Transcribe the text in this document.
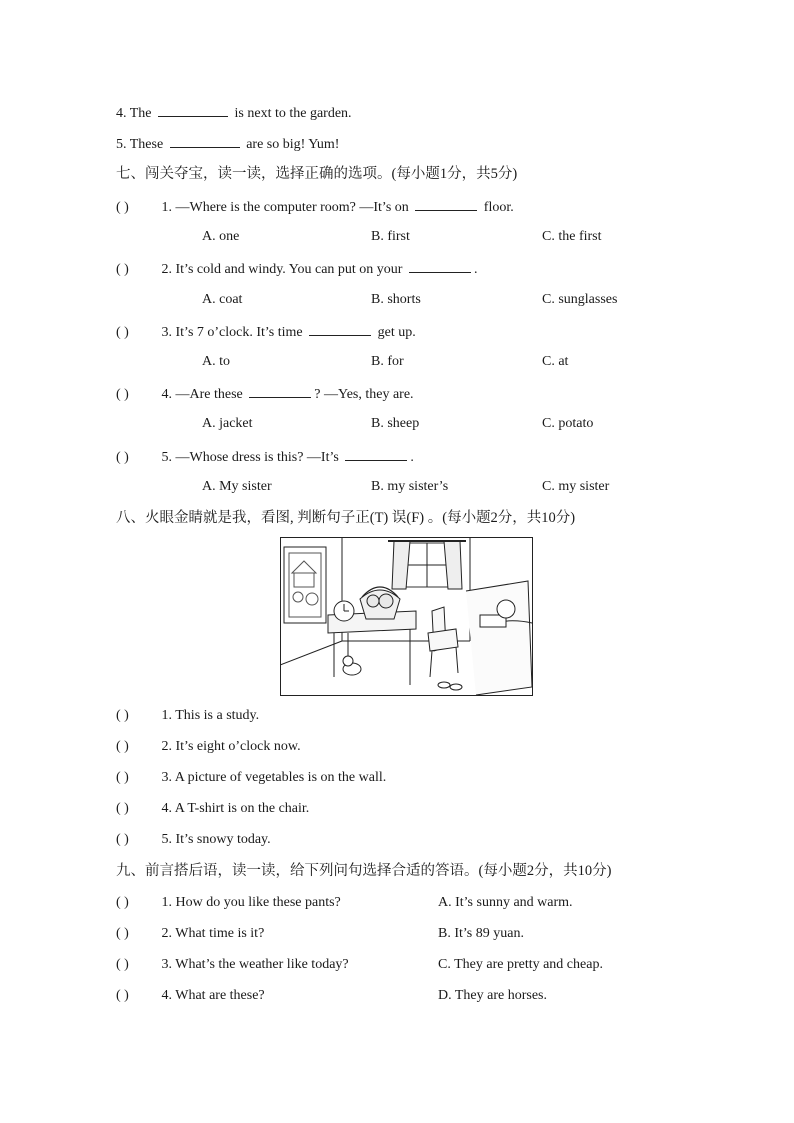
4. The	is next to the garden.
5. These	are so big! Yum!
七、闯关夺宝，读一读，选择正确的选项。(每小题1分，共5分)
( ) 1. —Where is the computer room? —It’s on	floor.
A. one	B. first	C. the first
( ) 2. It’s cold and windy. You can put on your	.
A. coat	B. shorts	C. sunglasses
( ) 3. It’s 7 o’clock. It’s time	get up.
A. to	B. for	C. at
( ) 4. —Are these	? —Yes, they are.
A. jacket	B. sheep	C. potato
( ) 5. —Whose dress is this? —It’s	.
A. My sister	B. my sister’s	C. my sister
八、火眼金睛就是我，看图, 判断句子正(T) 误(F) 。(每小题2分，共10分)
( ) 1. This is a study.
( ) 2. It’s eight o’clock now.
( ) 3. A picture of vegetables is on the wall.
( ) 4. A T-shirt is on the chair.
( ) 5. It’s snowy today.
九、前言搭后语，读一读，给下列问句选择合适的答语。(每小题2分，共10分)
( ) 1. How do you like these pants?	A. It’s sunny and warm.
( ) 2. What time is it?	B. It’s 89 yuan.
( ) 3. What’s the weather like today?	C. They are pretty and cheap.
( ) 4. What are these?	D. They are horses.
